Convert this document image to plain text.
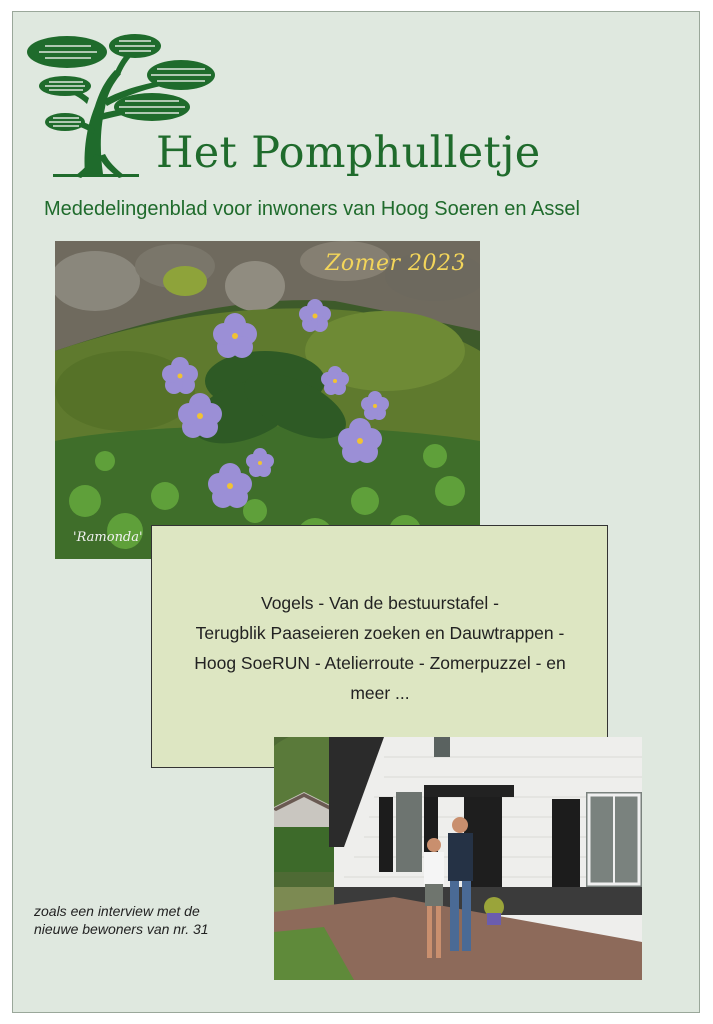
Het Pomphulletje
Mededelingenblad voor inwoners van Hoog Soeren en Assel
Zomer 2023
'Ramonda'
Vogels - Van de bestuurstafel -
Terugblik Paaseieren zoeken en Dauwtrappen -
Hoog SoeRUN - Atelierroute - Zomerpuzzel - en
meer ...
zoals een interview met de
nieuwe bewoners van nr. 31
